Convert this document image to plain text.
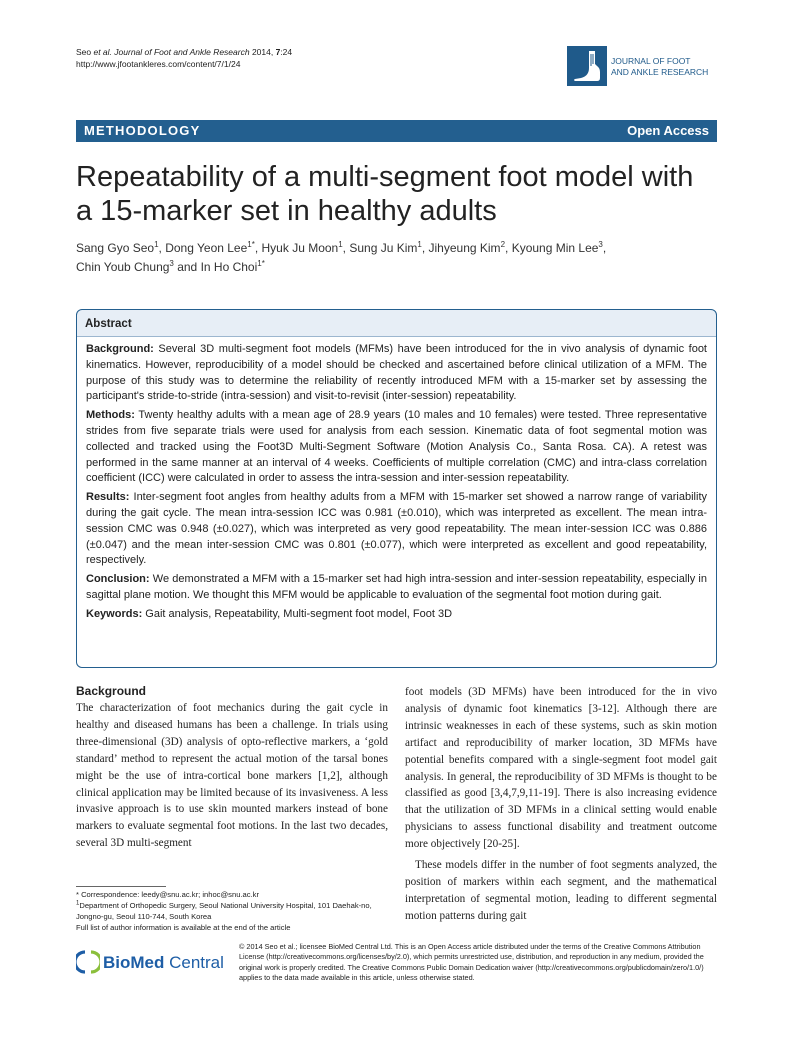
Seo et al. Journal of Foot and Ankle Research 2014, 7:24
http://www.jfootankleres.com/content/7/1/24	JOURNAL OF FOOT
AND ANKLE RESEARCH
METHODOLOGY	Open Access
Repeatability of a multi-segment foot model with
a 15-marker set in healthy adults
Sang Gyo Seo$^1$, Dong Yeon Lee$^{1*}$, Hyuk Ju Moon$^1$, Sung Ju Kim$^1$, Jihyeung Kim$^2$, Kyoung Min Lee$^3$,
Chin Youb Chung$^3$ and In Ho Choi$^{1*}$
Abstract

Background: Several 3D multi-segment foot models (MFMs) have been introduced for the in vivo analysis of dynamic foot kinematics. However, reproducibility of a model should be checked and ascertained before clinical utilization of a MFM. The purpose of this study was to determine the reliability of recently introduced MFM with a 15-marker set by assessing the participant's stride-to-stride (intra-session) and visit-to-revisit (inter-session) repeatability.

Methods: Twenty healthy adults with a mean age of 28.9 years (10 males and 10 females) were tested. Three representative strides from five separate trials were used for analysis from each session. Kinematic data of foot segmental motion was collected and tracked using the Foot3D Multi-Segment Software (Motion Analysis Co., Santa Rosa. CA). A retest was performed in the same manner at an interval of 4 weeks. Coefficients of multiple correlation (CMC) and intra-class correlation coefficient (ICC) were calculated in order to assess the intra-session and inter-session repeatability.

Results: Inter-segment foot angles from healthy adults from a MFM with 15-marker set showed a narrow range of variability during the gait cycle. The mean intra-session ICC was 0.981 (±0.010), which was interpreted as excellent. The mean intra-session CMC was 0.948 (±0.027), which was interpreted as very good repeatability. The mean inter-session ICC was 0.886 (±0.047) and the mean inter-session CMC was 0.801 (±0.077), which were interpreted as excellent and good repeatability, respectively.

Conclusion: We demonstrated a MFM with a 15-marker set had high intra-session and inter-session repeatability, especially in sagittal plane motion. We thought this MFM would be applicable to evaluation of the segmental foot motion during gait.

Keywords: Gait analysis, Repeatability, Multi-segment foot model, Foot 3D

Background

The characterization of foot mechanics during the gait cycle in healthy and diseased humans has been a challenge. In trials using three-dimensional (3D) analysis of opto-reflective markers, a ‘gold standard’ method to represent the actual motion of the tarsal bones might be the use of intra-cortical bone markers [1,2], although clinical application may be limited because of its invasiveness. A less invasive approach is to use skin mounted markers instead of bone markers to evaluate segmental foot motions. In the last two decades, several 3D multi-segment

foot models (3D MFMs) have been introduced for the in vivo analysis of dynamic foot kinematics [3-12]. Although there are intrinsic weaknesses in each of these systems, such as skin motion artifact and reproducibility of marker location, 3D MFMs have potential benefits compared with a single-segment foot model gait analysis. In general, the reproducibility of 3D MFMs is thought to be classified as good [3,4,7,9,11-19]. There is also increasing evidence that the utilization of 3D MFMs in a clinical setting would enable physicians to assess functional disability and treatment outcome more objectively [20-25].

These models differ in the number of foot segments analyzed, the position of markers within each segment, and the mathematical interpretation of segmental motion, leading to different segmental motion patterns during gait

* Correspondence: leedy@snu.ac.kr; inhoc@snu.ac.kr
$^1$Department of Orthopedic Surgery, Seoul National University Hospital, 101 Daehak-no, Jongno-gu, Seoul 110-744, South Korea
Full list of author information is available at the end of the article
BioMed Central
© 2014 Seo et al.; licensee BioMed Central Ltd. This is an Open Access article distributed under the terms of the Creative Commons Attribution License (http://creativecommons.org/licenses/by/2.0), which permits unrestricted use, distribution, and reproduction in any medium, provided the original work is properly credited. The Creative Commons Public Domain Dedication waiver (http://creativecommons.org/publicdomain/zero/1.0/) applies to the data made available in this article, unless otherwise stated.
